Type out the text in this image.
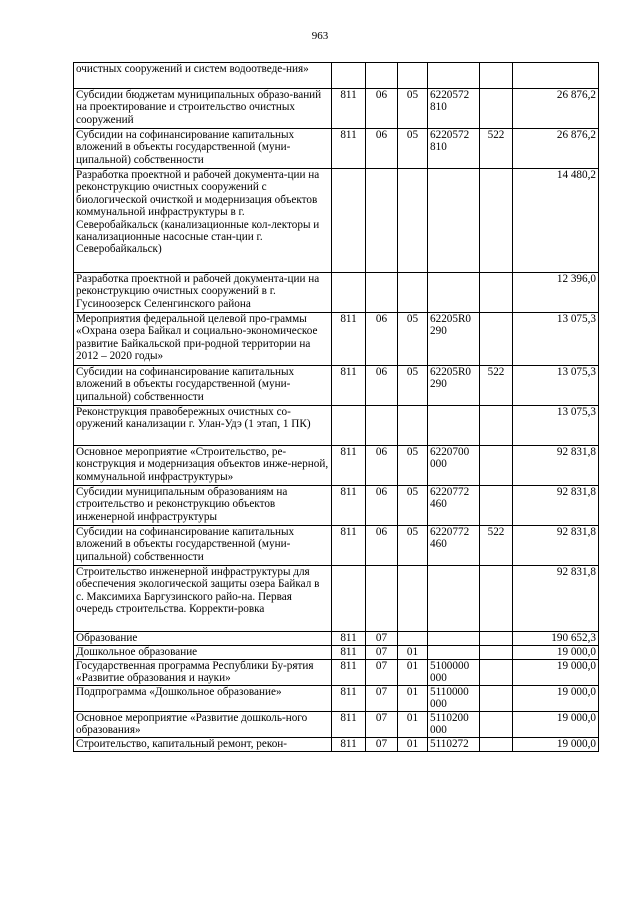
963
очистных сооружений и систем водоотведе-ния»						
Субсидии бюджетам муниципальных образо-ваний на проектирование и строительство очистных сооружений	811	06	05	6220572 810		26 876,2
Субсидии на софинансирование капитальных вложений в объекты государственной (муни-ципальной) собственности	811	06	05	6220572 810	522	26 876,2
Разработка проектной и рабочей документа-ции на реконструкцию очистных сооружений с биологической очисткой и модернизация объектов коммунальной инфраструктуры в г. Северобайкальск (канализационные кол-лекторы и канализационные насосные стан-ции г. Северобайкальск)						14 480,2
Разработка проектной и рабочей документа-ции на реконструкцию очистных сооружений в г. Гусиноозерск Селенгинского района						12 396,0
Мероприятия федеральной целевой про-граммы «Охрана озера Байкал и социально-экономическое развитие Байкальской при-родной территории на 2012 – 2020 годы»	811	06	05	62205R0 290		13 075,3
Субсидии на софинансирование капитальных вложений в объекты государственной (муни-ципальной) собственности	811	06	05	62205R0 290	522	13 075,3
Реконструкция правобережных очистных со-оружений канализации г. Улан-Удэ (1 этап, 1 ПК)						13 075,3
Основное мероприятие «Строительство, ре-конструкция и модернизация объектов инже-нерной, коммунальной инфраструктуры»	811	06	05	6220700 000		92 831,8
Субсидии муниципальным образованиям на строительство и реконструкцию объектов инженерной инфраструктуры	811	06	05	6220772 460		92 831,8
Субсидии на софинансирование капитальных вложений в объекты государственной (муни-ципальной) собственности	811	06	05	6220772 460	522	92 831,8
Строительство инженерной инфраструктуры для обеспечения экологической защиты озера Байкал в с. Максимиха Баргузинского райо-на. Первая очередь строительства. Корректи-ровка						92 831,8
Образование	811	07				190 652,3
Дошкольное образование	811	07	01			19 000,0
Государственная программа Республики Бу-рятия «Развитие образования и науки»	811	07	01	5100000 000		19 000,0
Подпрограмма «Дошкольное образование»	811	07	01	5110000 000		19 000,0
Основное мероприятие «Развитие дошколь-ного образования»	811	07	01	5110200 000		19 000,0
Строительство, капитальный ремонт, рекон-	811	07	01	5110272		19 000,0
